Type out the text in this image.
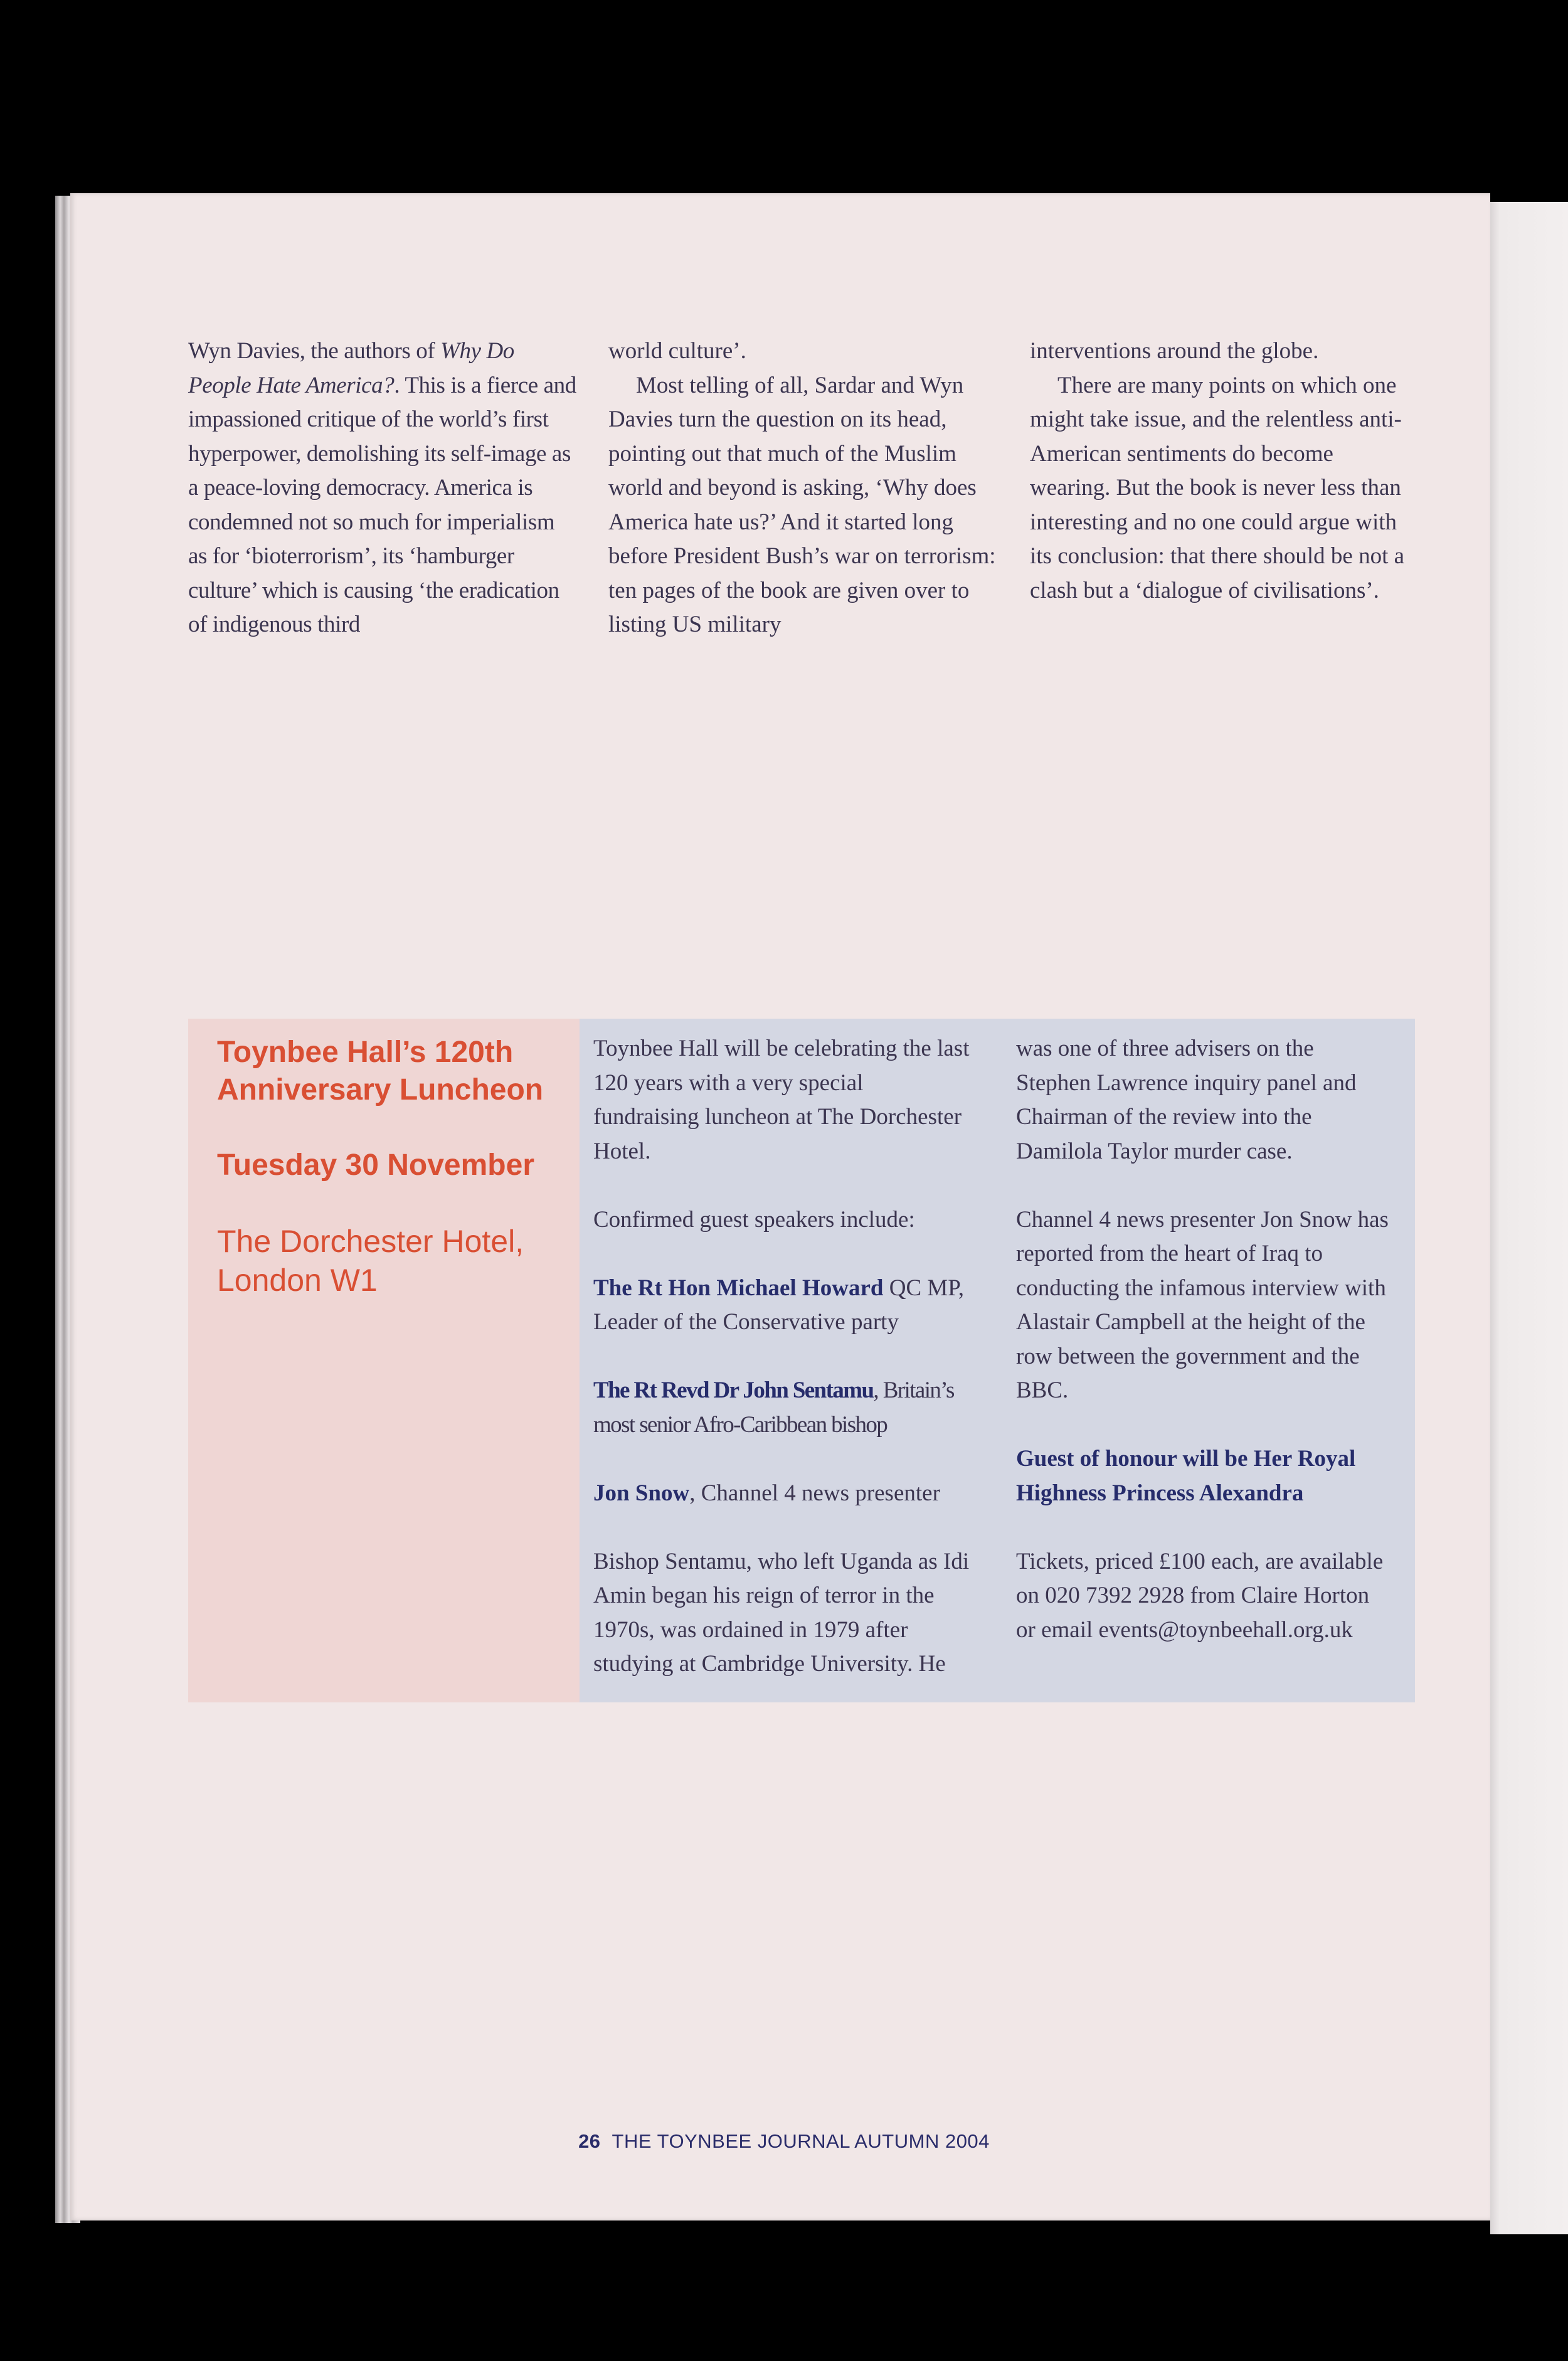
Wyn Davies, the authors of Why Do People Hate America?. This is a fierce and impassioned critique of the world’s first hyperpower, demolishing its self-image as a peace-loving democracy. America is condemned not so much for imperialism as for ‘bioterrorism’, its ‘hamburger culture’ which is causing ‘the eradication of indigenous third

world culture’.

Most telling of all, Sardar and Wyn Davies turn the question on its head, pointing out that much of the Muslim world and beyond is asking, ‘Why does America hate us?’ And it started long before President Bush’s war on terrorism: ten pages of the book are given over to listing US military

interventions around the globe.

There are many points on which one might take issue, and the relentless anti-American sentiments do become wearing. But the book is never less than interesting and no one could argue with its conclusion: that there should be not a clash but a ‘dialogue of civilisations’.

Toynbee Hall’s 120th Anniversary Luncheon

Tuesday 30 November

The Dorchester Hotel, London W1

Toynbee Hall will be celebrating the last 120 years with a very special fundraising luncheon at The Dorchester Hotel.

Confirmed guest speakers include:

The Rt Hon Michael Howard QC MP, Leader of the Conservative party

The Rt Revd Dr John Sentamu, Britain’s most senior Afro-Caribbean bishop

Jon Snow, Channel 4 news presenter

Bishop Sentamu, who left Uganda as Idi Amin began his reign of terror in the 1970s, was ordained in 1979 after studying at Cambridge University. He

was one of three advisers on the Stephen Lawrence inquiry panel and Chairman of the review into the Damilola Taylor murder case.

Channel 4 news presenter Jon Snow has reported from the heart of Iraq to conducting the infamous interview with Alastair Campbell at the height of the row between the government and the BBC.

Guest of honour will be Her Royal Highness Princess Alexandra

Tickets, priced £100 each, are available on 020 7392 2928 from Claire Horton or email events@toynbeehall.org.uk

26 THE TOYNBEE JOURNAL AUTUMN 2004
